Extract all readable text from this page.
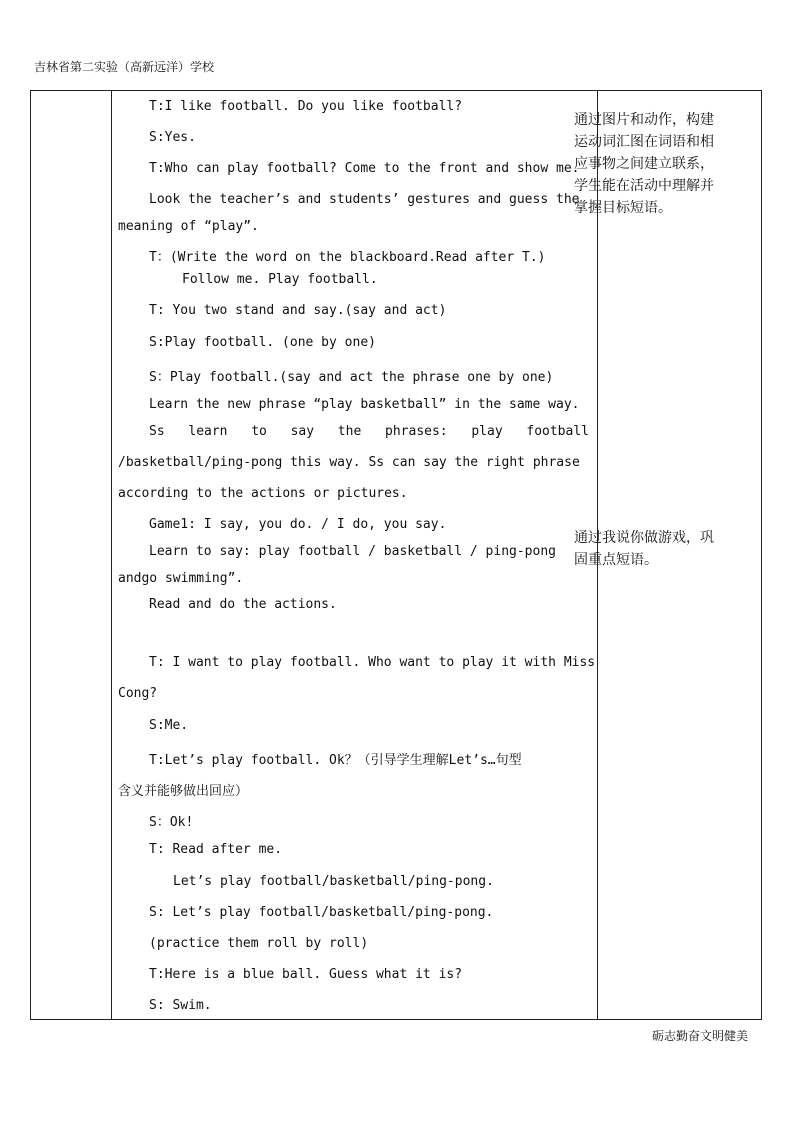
吉林省第二实验（高新远洋）学校
T:I like football. Do you like football?
S:Yes.
T:Who can play football? Come to the front and show me.
Look the teacher’s and students’ gestures and guess the
meaning of “play”.
T：(Write the word on the blackboard.Read after T.)
Follow me. Play football.
T: You two stand and say.(say and act)
S:Play football. (one by one)
S：Play football.(say and act the phrase one by one)
Learn the new phrase “play basketball” in the same way.
Ss learn to say the phrases: play football
/basketball/ping-pong this way. Ss can say the right phrase
according to the actions or pictures.
Game1: I say, you do. / I do, you say.
Learn to say: play football / basketball / ping-pong
andgo swimming”.
Read and do the actions.
T: I want to play football. Who want to play it with Miss
Cong?
S:Me.
T:Let’s play football. Ok？（引导学生理解Let’s…句型
含义并能够做出回应）
S：Ok!
T: Read after me.
Let’s play football/basketball/ping-pong.
S: Let’s play football/basketball/ping-pong.
(practice them roll by roll)
T:Here is a blue ball. Guess what it is?
S: Swim.
通过图片和动作，构建运动词汇图在词语和相应事物之间建立联系，学生能在活动中理解并掌握目标短语。
通过我说你做游戏，巩固重点短语。
砺志勤奋文明健美
